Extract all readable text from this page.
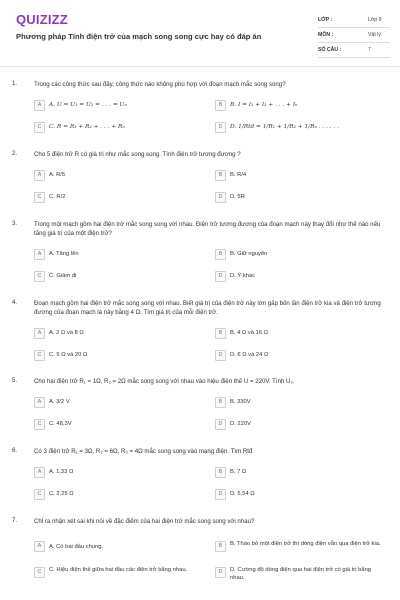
QUIZIZZ
Phương pháp Tính điện trở của mạch song song cực hay có đáp án
LỚP :	Lớp 9
MÔN :	Vật lý
SỐ CÂU :	7
1.	Trong các công thức sau đây, công thức nào không phù hợp với đoạn mạch mắc song song?
A	A. U = U₁ = U₂ = . . . = Uₙ	B	B. I = I₁ + I₂ + . . . + Iₙ
C	C. R = R₁ + R₂ + . . . + Rₙ	D	D. 1/Rtđ = 1/R₁ + 1/R₂ + 1/Rₙ . . . . . .
2.	Cho 5 điện trở R có giá trị như mắc song song. Tính điện trở tương đương ?
A	A. R/5	B	B. R/4
C	C. R/2	D	D. 5R
3.	Trong một mạch gồm hai điện trở mắc song song với nhau. Điện trở tương đương của đoạn mạch này thay đổi như thế nào nếu tăng giá trị của một điện trở?
A	A. Tăng lên	B	B. Giữ nguyên
C	C. Giảm đi	D	D. Ý khác
4.	Đoạn mạch gồm hai điện trở mắc song song với nhau. Biết giá trị của điện trở này lớn gấp bốn lần điện trở kia và điện trở tương đương của đoạn mạch là này bằng 4 Ω. Tìm giá trị của mỗi điện trở.
A	A. 2 Ω và 8 Ω	B	B. 4 Ω và 16 Ω
C	C. 5 Ω và 20 Ω	D	D. 6 Ω và 24 Ω
5.	Cho hai điện trở R₁ = 1Ω, R₂ = 2Ω mắc song song với nhau vào hiệu điện thế U = 220V. Tính U₂.
A	A. 3/2 V	B	B. 330V
C	C. 48,3V	D	D. 220V
6.	Có 3 điện trở R₁ = 3Ω, R₂ = 6Ω, R₃ = 4Ω mắc song song vào mạng điện. Tìm Rtđ
A	A. 1,33 Ω	B	B. 7 Ω
C	C. 2,25 Ω	D	D. 5,54 Ω
7.	Chỉ ra nhận xét sai khi nói về đặc điểm của hai điện trở mắc song song với nhau?
A	A. Có hai đầu chung.	B	B. Tháo bỏ một điện trở thì dòng điện vẫn qua điện trở kia.
C	C. Hiệu điện thế giữa hai đầu các điện trở bằng nhau.	D	D. Cường độ dòng điện qua hai điện trở có giá trị bằng nhau.
